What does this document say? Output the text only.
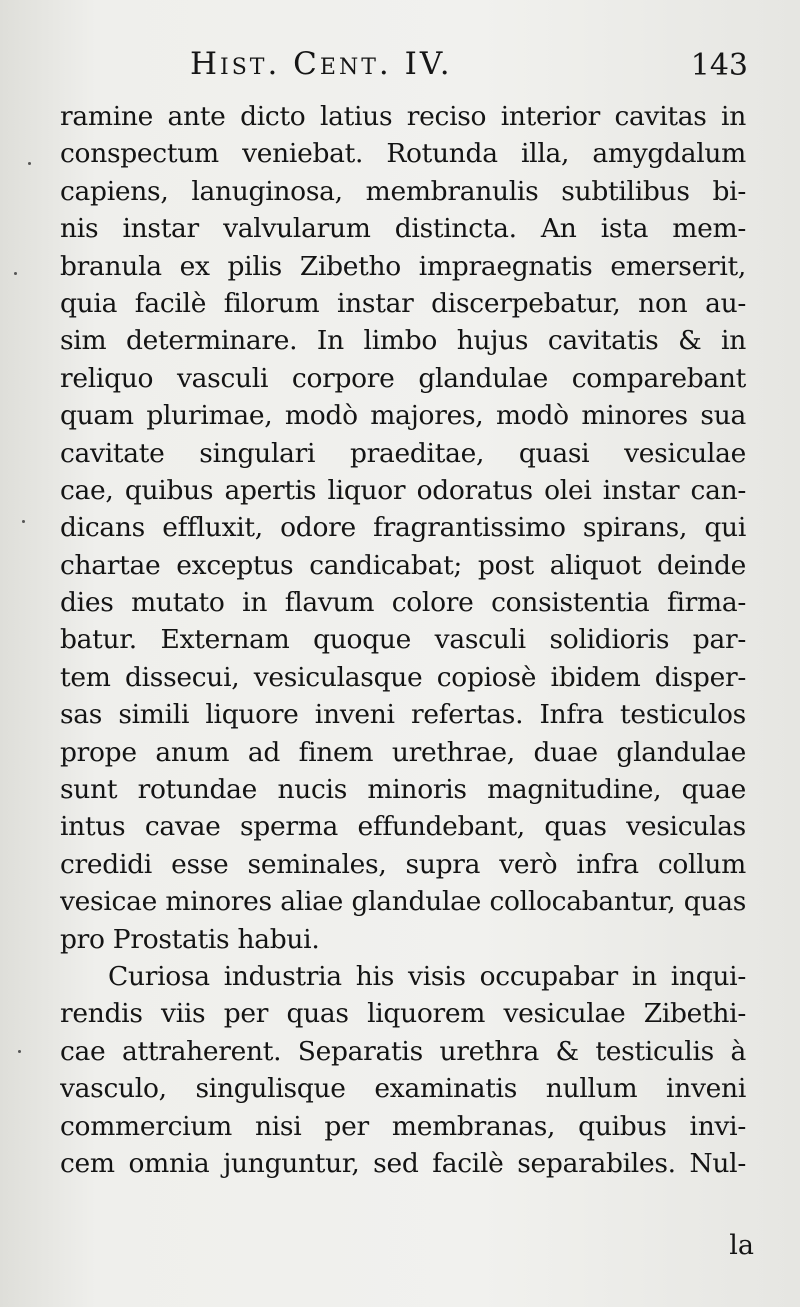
Hist. Cent. IV.	143
ramine ante dicto latius reciso interior cavitas in
conspectum veniebat. Rotunda illa, amygdalum
capiens, lanuginosa, membranulis subtilibus bi-
nis instar valvularum distincta. An ista mem-
branula ex pilis Zibetho impraegnatis emerserit,
quia facilè filorum instar discerpebatur, non au-
sim determinare. In limbo hujus cavitatis & in
reliquo vasculi corpore glandulae comparebant
quam plurimae, modò majores, modò minores sua
cavitate singulari praeditae, quasi vesiculae
cae, quibus apertis liquor odoratus olei instar can-
dicans effluxit, odore fragrantissimo spirans, qui
chartae exceptus candicabat; post aliquot deinde
dies mutato in flavum colore consistentia firma-
batur. Externam quoque vasculi solidioris par-
tem dissecui, vesiculasque copiosè ibidem disper-
sas simili liquore inveni refertas. Infra testiculos
prope anum ad finem urethrae, duae glandulae
sunt rotundae nucis minoris magnitudine, quae
intus cavae sperma effundebant, quas vesiculas
credidi esse seminales, supra verò infra collum
vesicae minores aliae glandulae collocabantur, quas
pro Prostatis habui.
Curiosa industria his visis occupabar in inqui-
rendis viis per quas liquorem vesiculae Zibethi-
cae attraherent. Separatis urethra & testiculis à
vasculo, singulisque examinatis nullum inveni
commercium nisi per membranas, quibus invi-
cem omnia junguntur, sed facilè separabiles. Nul-
la
